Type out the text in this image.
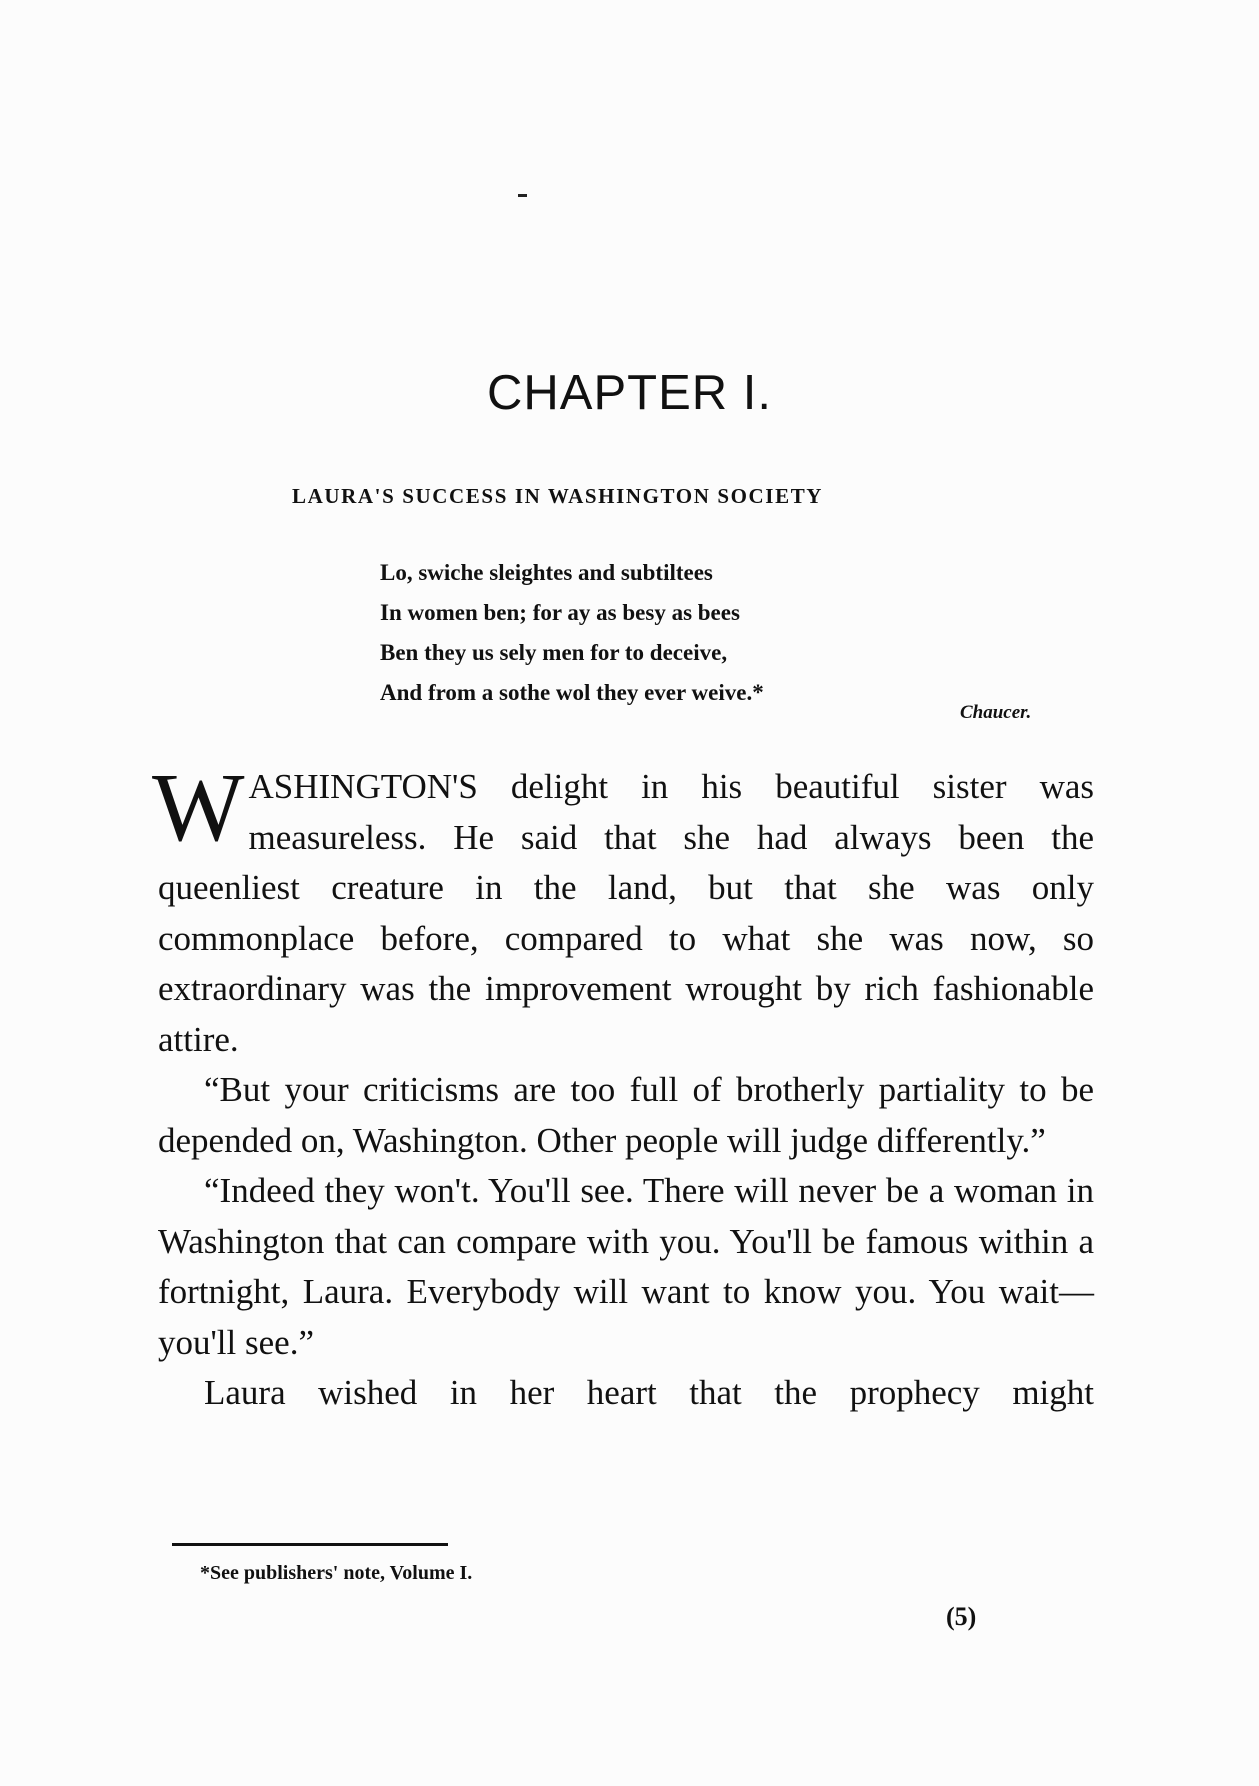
CHAPTER I.

LAURA'S SUCCESS IN WASHINGTON SOCIETY

Lo, swiche sleightes and subtiltees
In women ben; for ay as besy as bees
Ben they us sely men for to deceive,
And from a sothe wol they ever weive.*

Chaucer.

WASHINGTON'S delight in his beautiful sister was measureless. He said that she had always been the queenliest creature in the land, but that she was only commonplace before, compared to what she was now, so extraordinary was the improvement wrought by rich fashionable attire.

“But your criticisms are too full of brotherly partiality to be depended on, Washington. Other people will judge differently.”

“Indeed they won't. You'll see. There will never be a woman in Washington that can compare with you. You'll be famous within a fortnight, Laura. Everybody will want to know you. You wait—you'll see.”

Laura wished in her heart that the prophecy might

*See publishers' note, Volume I.

(5)
